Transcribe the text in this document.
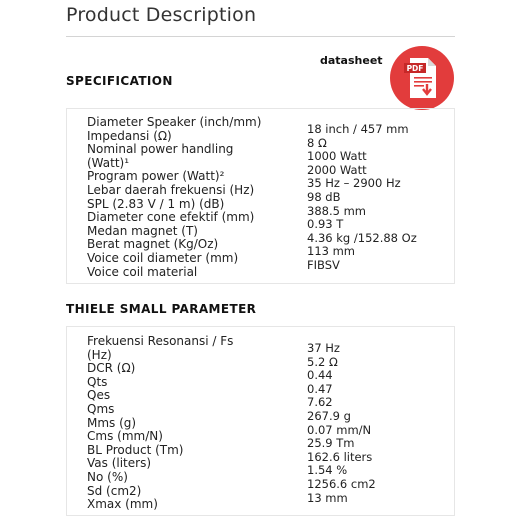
Product Description
datasheet
PDF
SPECIFICATION
Diameter Speaker (inch/mm)
Impedansi (Ω)
Nominal power handling
(Watt)¹
Program power (Watt)²
Lebar daerah frekuensi (Hz)
SPL (2.83 V / 1 m) (dB)
Diameter cone efektif (mm)
Medan magnet (T)
Berat magnet (Kg/Oz)
Voice coil diameter (mm)
Voice coil material
18 inch / 457 mm
8 Ω
1000 Watt
2000 Watt
35 Hz – 2900 Hz
98 dB
388.5 mm
0.93 T
4.36 kg /152.88 Oz
113 mm
FIBSV
THIELE SMALL PARAMETER
Frekuensi Resonansi / Fs
(Hz)
DCR (Ω)
Qts
Qes
Qms
Mms (g)
Cms (mm/N)
BL Product (Tm)
Vas (liters)
No (%)
Sd (cm2)
Xmax (mm)
37 Hz
5.2 Ω
0.44
0.47
7.62
267.9 g
0.07 mm/N
25.9 Tm
162.6 liters
1.54 %
1256.6 cm2
13 mm
